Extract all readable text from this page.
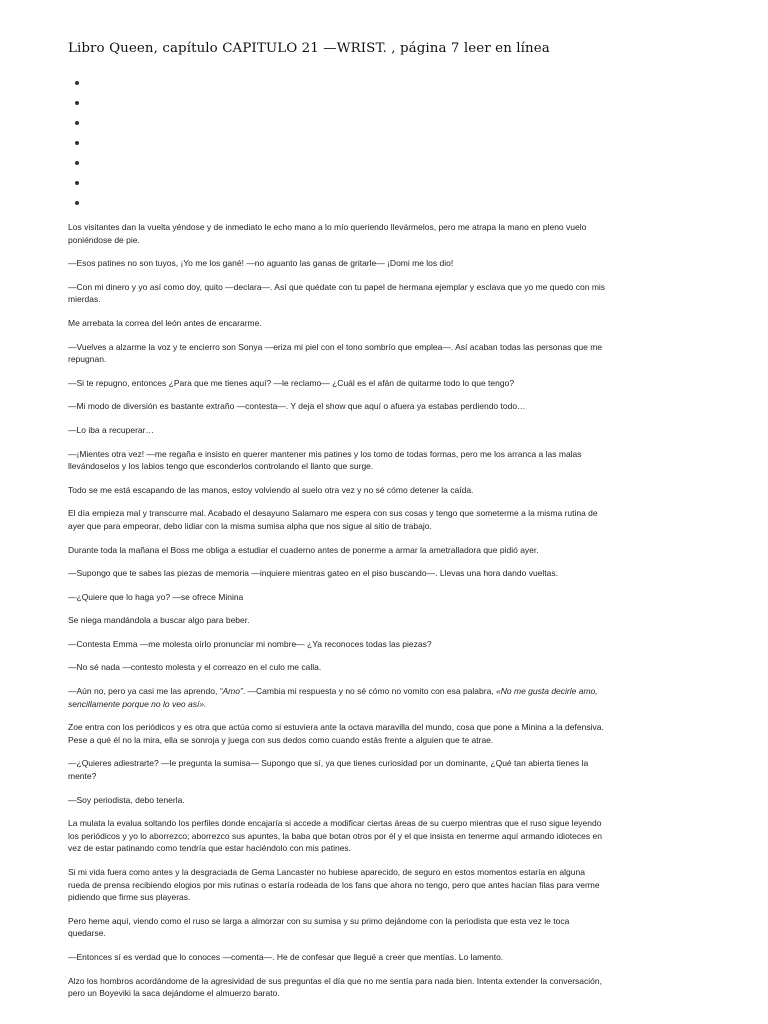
Libro Queen, capítulo CAPITULO 21 —WRIST. , página 7 leer en línea

Los visitantes dan la vuelta yéndose y de inmediato le echo mano a lo mío queriendo llevármelos, pero me atrapa la mano en pleno vuelo poniéndose de pie.

—Esos patines no son tuyos, ¡Yo me los gané! —no aguanto las ganas de gritarle— ¡Domi me los dio!

—Con mi dinero y yo así como doy, quito —declara—. Así que quédate con tu papel de hermana ejemplar y esclava que yo me quedo con mis mierdas.

Me arrebata la correa del león antes de encararme.

—Vuelves a alzarme la voz y te encierro son Sonya —eriza mi piel con el tono sombrío que emplea—. Así acaban todas las personas que me repugnan.

—Si te repugno, entonces ¿Para que me tienes aquí? —le reclamo— ¿Cuál es el afán de quitarme todo lo que tengo?

—Mi modo de diversión es bastante extraño —contesta—. Y deja el show que aquí o afuera ya estabas perdiendo todo…

—Lo iba a recuperar…

—¡Mientes otra vez! —me regaña e insisto en querer mantener mis patines y los tomo de todas formas, pero me los arranca a las malas llevándoselos y los labios tengo que esconderlos controlando el llanto que surge.

Todo se me está escapando de las manos, estoy volviendo al suelo otra vez y no sé cómo detener la caída.

El día empieza mal y transcurre mal. Acabado el desayuno Salamaro me espera con sus cosas y tengo que someterme a la misma rutina de ayer que para empeorar, debo lidiar con la misma sumisa alpha que nos sigue al sitio de trabajo.

Durante toda la mañana el Boss me obliga a estudiar el cuaderno antes de ponerme a armar la ametralladora que pidió ayer.

—Supongo que te sabes las piezas de memoria —inquiere mientras gateo en el piso buscando—. Llevas una hora dando vueltas.

—¿Quiere que lo haga yo? —se ofrece Minina

Se niega mandándola a buscar algo para beber.

—Contesta Emma —me molesta oírlo pronunciar mi nombre— ¿Ya reconoces todas las piezas?

—No sé nada —contesto molesta y el correazo en el culo me calla.

—Aún no, pero ya casi me las aprendo, “Amo”. —Cambia mi respuesta y no sé cómo no vomito con esa palabra, «No me gusta decirle amo, sencillamente porque no lo veo así».

Zoe entra con los periódicos y es otra que actúa como si estuviera ante la octava maravilla del mundo, cosa que pone a Minina a la defensiva. Pese a qué él no la mira, ella se sonroja y juega con sus dedos como cuando estás frente a alguien que te atrae.

—¿Quieres adiestrarte? —le pregunta la sumisa— Supongo que sí, ya que tienes curiosidad por un dominante, ¿Qué tan abierta tienes la mente?

—Soy periodista, debo tenerla.

La mulata la evalua soltando los perfiles donde encajaría si accede a modificar ciertas áreas de su cuerpo mientras que el ruso sigue leyendo los periódicos y yo lo aborrezco; aborrezco sus apuntes, la baba que botan otros por él y el que insista en tenerme aquí armando idioteces en vez de estar patinando como tendría que estar haciéndolo con mis patines.

Si mi vida fuera como antes y la desgraciada de Gema Lancaster no hubiese aparecido, de seguro en estos momentos estaría en alguna rueda de prensa recibiendo elogios por mis rutinas o estaría rodeada de los fans que ahora no tengo, pero que antes hacían filas para verme pidiendo que firme sus playeras.

Pero heme aquí, viendo como el ruso se larga a almorzar con su sumisa y su primo dejándome con la periodista que esta vez le toca quedarse.

—Entonces sí es verdad que lo conoces —comenta—. He de confesar que llegué a creer que mentías. Lo lamento.

Alzo los hombros acordándome de la agresividad de sus preguntas el día que no me sentía para nada bien. Intenta extender la conversación, pero un Boyeviki la saca dejándome el almuerzo barato.
